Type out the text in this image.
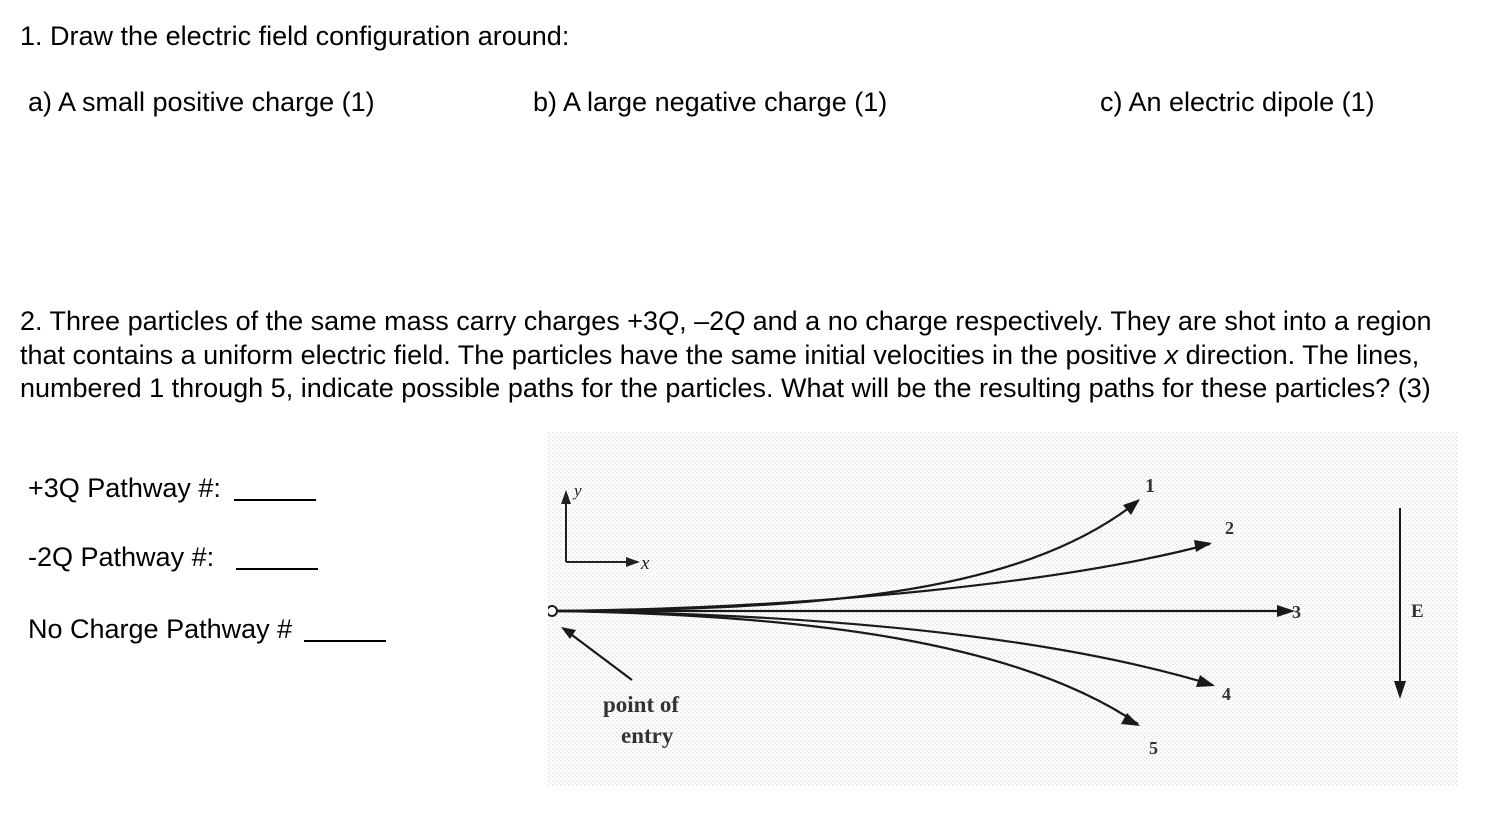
1. Draw the electric field configuration around:
a) A small positive charge (1)	b) A large negative charge (1)	c) An electric dipole (1)
2. Three particles of the same mass carry charges +3Q, –2Q and a no charge respectively. They are shot into a region that contains a uniform electric field. The particles have the same initial velocities in the positive x direction. The lines, numbered 1 through 5, indicate possible paths for the particles. What will be the resulting paths for these particles? (3)
+3Q Pathway #:
-2Q Pathway #:
No Charge Pathway #
y
x
1
2
3
4
5
E
point of
entry
